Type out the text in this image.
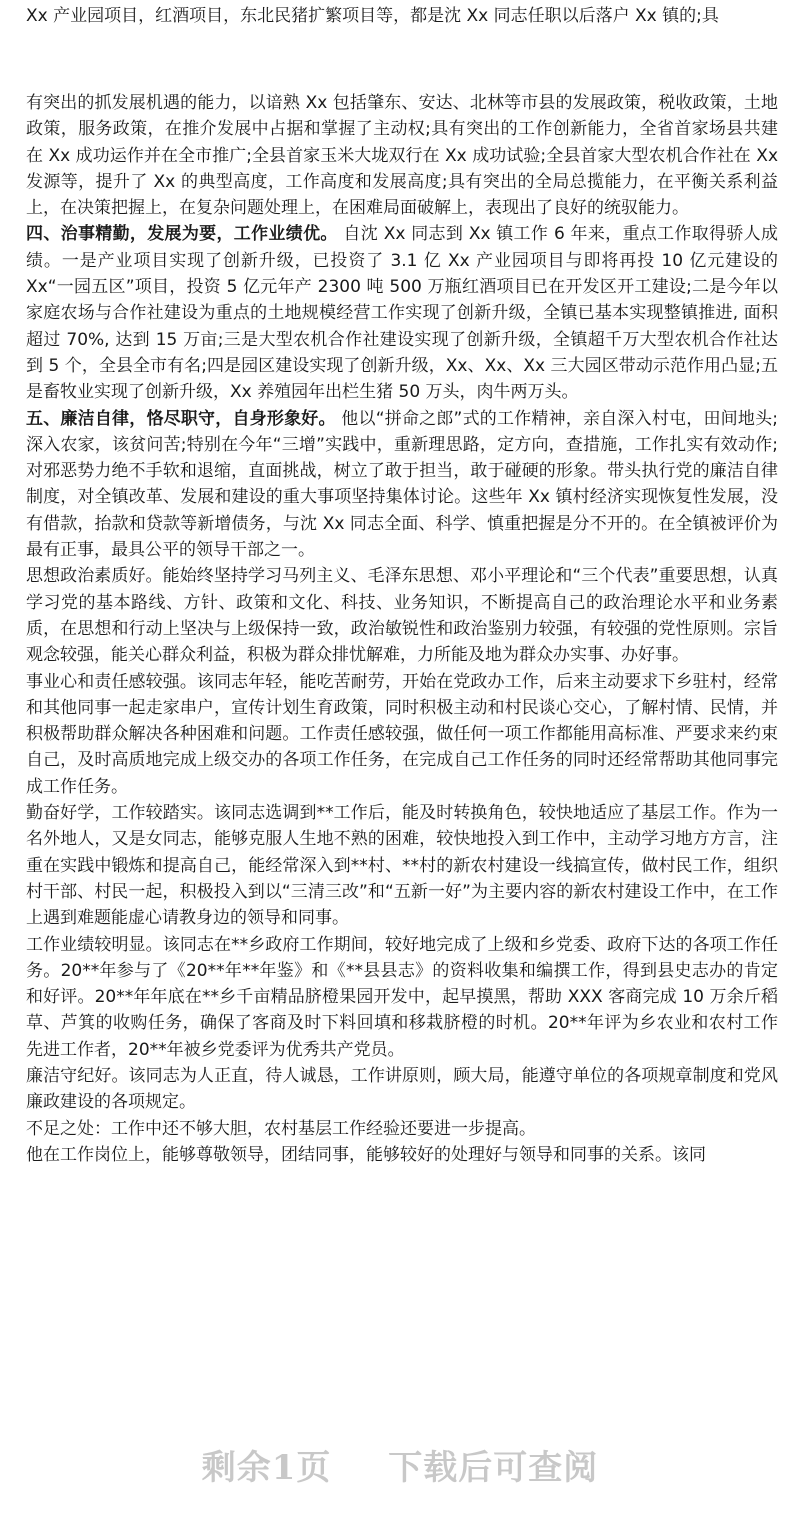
Xx 产业园项目，红酒项目，东北民猪扩繁项目等，都是沈 Xx 同志任职以后落户 Xx 镇的;具

有突出的抓发展机遇的能力，以谙熟 Xx 包括肇东、安达、北林等市县的发展政策，税收政策，土地政策，服务政策，在推介发展中占据和掌握了主动权;具有突出的工作创新能力，全省首家场县共建在 Xx 成功运作并在全市推广;全县首家玉米大垅双行在 Xx 成功试验;全县首家大型农机合作社在 Xx 发源等，提升了 Xx 的典型高度，工作高度和发展高度;具有突出的全局总揽能力，在平衡关系利益上，在决策把握上，在复杂问题处理上，在困难局面破解上，表现出了良好的统驭能力。

四、治事精勤，发展为要，工作业绩优。 自沈 Xx 同志到 Xx 镇工作 6 年来，重点工作取得骄人成绩。一是产业项目实现了创新升级，已投资了 3.1 亿 Xx 产业园项目与即将再投 10 亿元建设的 Xx“一园五区”项目，投资 5 亿元年产 2300 吨 500 万瓶红酒项目已在开发区开工建设;二是今年以家庭农场与合作社建设为重点的土地规模经营工作实现了创新升级，全镇已基本实现整镇推进, 面积超过 70%, 达到 15 万亩;三是大型农机合作社建设实现了创新升级，全镇超千万大型农机合作社达到 5 个，全县全市有名;四是园区建设实现了创新升级，Xx、Xx、Xx 三大园区带动示范作用凸显;五是畜牧业实现了创新升级，Xx 养殖园年出栏生猪 50 万头，肉牛两万头。

五、廉洁自律，恪尽职守，自身形象好。 他以“拼命之郎”式的工作精神，亲自深入村屯，田间地头;深入农家，该贫问苦;特别在今年“三增”实践中，重新理思路，定方向，查措施，工作扎实有效动作;对邪恶势力绝不手软和退缩，直面挑战，树立了敢于担当，敢于碰硬的形象。带头执行党的廉洁自律制度，对全镇改革、发展和建设的重大事项坚持集体讨论。这些年 Xx 镇村经济实现恢复性发展，没有借款，抬款和贷款等新增债务，与沈 Xx 同志全面、科学、慎重把握是分不开的。在全镇被评价为最有正事，最具公平的领导干部之一。

思想政治素质好。能始终坚持学习马列主义、毛泽东思想、邓小平理论和“三个代表”重要思想，认真学习党的基本路线、方针、政策和文化、科技、业务知识，不断提高自己的政治理论水平和业务素质，在思想和行动上坚决与上级保持一致，政治敏锐性和政治鉴别力较强，有较强的党性原则。宗旨观念较强，能关心群众利益，积极为群众排忧解难，力所能及地为群众办实事、办好事。

事业心和责任感较强。该同志年轻，能吃苦耐劳，开始在党政办工作，后来主动要求下乡驻村，经常和其他同事一起走家串户，宣传计划生育政策，同时积极主动和村民谈心交心，了解村情、民情，并积极帮助群众解决各种困难和问题。工作责任感较强，做任何一项工作都能用高标准、严要求来约束自己，及时高质地完成上级交办的各项工作任务，在完成自己工作任务的同时还经常帮助其他同事完成工作任务。

勤奋好学，工作较踏实。该同志选调到**工作后，能及时转换角色，较快地适应了基层工作。作为一名外地人，又是女同志，能够克服人生地不熟的困难，较快地投入到工作中，主动学习地方方言，注重在实践中锻炼和提高自己，能经常深入到**村、**村的新农村建设一线搞宣传，做村民工作，组织村干部、村民一起，积极投入到以“三清三改”和“五新一好”为主要内容的新农村建设工作中，在工作上遇到难题能虚心请教身边的领导和同事。

工作业绩较明显。该同志在**乡政府工作期间，较好地完成了上级和乡党委、政府下达的各项工作任务。20**年参与了《20**年**年鉴》和《**县县志》的资料收集和编撰工作，得到县史志办的肯定和好评。20**年年底在**乡千亩精品脐橙果园开发中，起早摸黑，帮助 XXX 客商完成 10 万余斤稻草、芦箕的收购任务，确保了客商及时下料回填和移栽脐橙的时机。20**年评为乡农业和农村工作先进工作者，20**年被乡党委评为优秀共产党员。

廉洁守纪好。该同志为人正直，待人诚恳，工作讲原则，顾大局，能遵守单位的各项规章制度和党风廉政建设的各项规定。

不足之处：工作中还不够大胆，农村基层工作经验还要进一步提高。

他在工作岗位上，能够尊敬领导，团结同事，能够较好的处理好与领导和同事的关系。该同

剩余1页 下载后可查阅
